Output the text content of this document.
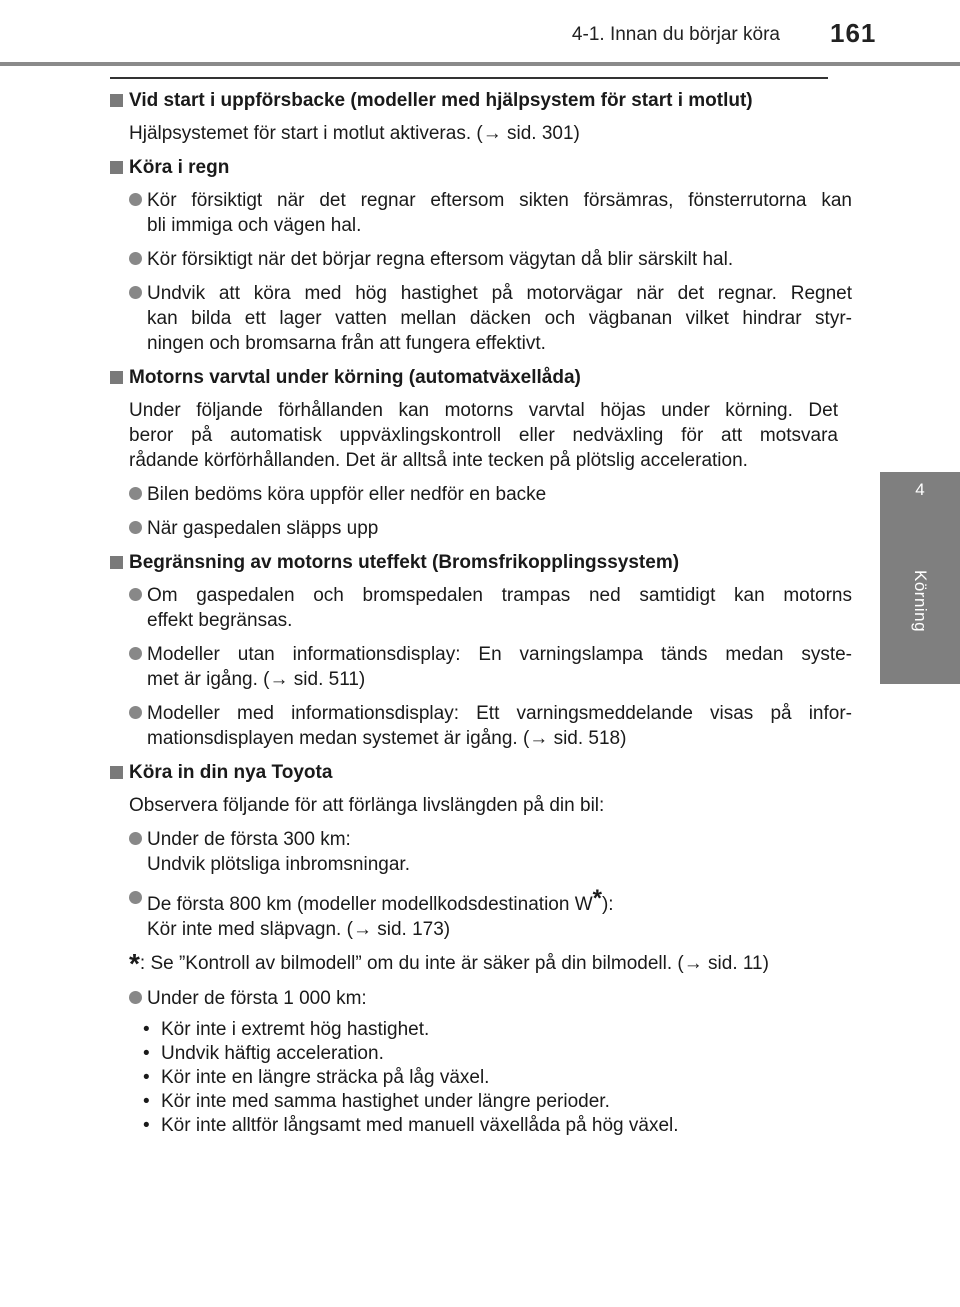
4-1. Innan du börjar köra 161
4
Körning
Vid start i uppförsbacke (modeller med hjälpsystem för start i motlut)
Hjälpsystemet för start i motlut aktiveras. (→ sid. 301)
Köra i regn
Kör försiktigt när det regnar eftersom sikten försämras, fönsterrutorna kan
bli immiga och vägen hal.
Kör försiktigt när det börjar regna eftersom vägytan då blir särskilt hal.
Undvik att köra med hög hastighet på motorvägar när det regnar. Regnet
kan bilda ett lager vatten mellan däcken och vägbanan vilket hindrar styr-
ningen och bromsarna från att fungera effektivt.
Motorns varvtal under körning (automatväxellåda)
Under följande förhållanden kan motorns varvtal höjas under körning. Det
beror på automatisk uppväxlingskontroll eller nedväxling för att motsvara
rådande körförhållanden. Det är alltså inte tecken på plötslig acceleration.
Bilen bedöms köra uppför eller nedför en backe
När gaspedalen släpps upp
Begränsning av motorns uteffekt (Bromsfrikopplingssystem)
Om gaspedalen och bromspedalen trampas ned samtidigt kan motorns
effekt begränsas.
Modeller utan informationsdisplay: En varningslampa tänds medan syste-
met är igång. (→ sid. 511)
Modeller med informationsdisplay: Ett varningsmeddelande visas på infor-
mationsdisplayen medan systemet är igång. (→ sid. 518)
Köra in din nya Toyota
Observera följande för att förlänga livslängden på din bil:
Under de första 300 km:
Undvik plötsliga inbromsningar.
De första 800 km (modeller modellkodsdestination W*):
Kör inte med släpvagn. (→ sid. 173)
*: Se ”Kontroll av bilmodell” om du inte är säker på din bilmodell. (→ sid. 11)
Under de första 1 000 km:
• Kör inte i extremt hög hastighet.
• Undvik häftig acceleration.
• Kör inte en längre sträcka på låg växel.
• Kör inte med samma hastighet under längre perioder.
• Kör inte alltför långsamt med manuell växellåda på hög växel.
